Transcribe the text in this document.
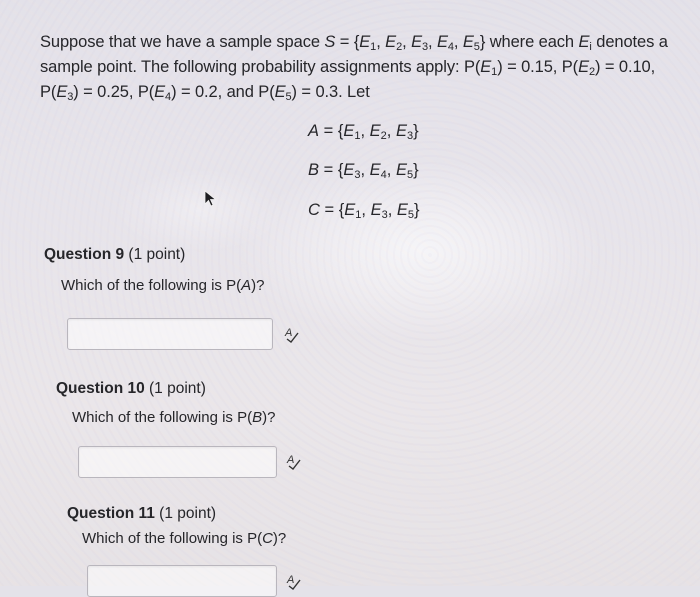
Suppose that we have a sample space $S = \{E_1$, $E_2$, $E_3$, $E_4$, $E_5$} where each $E_i$ denotes a sample point. The following probability assignments apply: $P(E_1) = 0.15$, $P(E_2) = 0.10$, $P(E_3) = 0.25$, $P(E_4) = 0.2$, and $P(E_5) = 0.3$. Let
$A = \{E_1$, $E_2$, $E_3$}
$B = \{E_3$, $E_4$, $E_5$}
$C = \{E_1$, $E_3$, $E_5$}
Question 9 (1 point)
Which of the following is P(A)?
A
Question 10 (1 point)
Which of the following is P(B)?
A
Question 11 (1 point)
Which of the following is P(C)?
A
